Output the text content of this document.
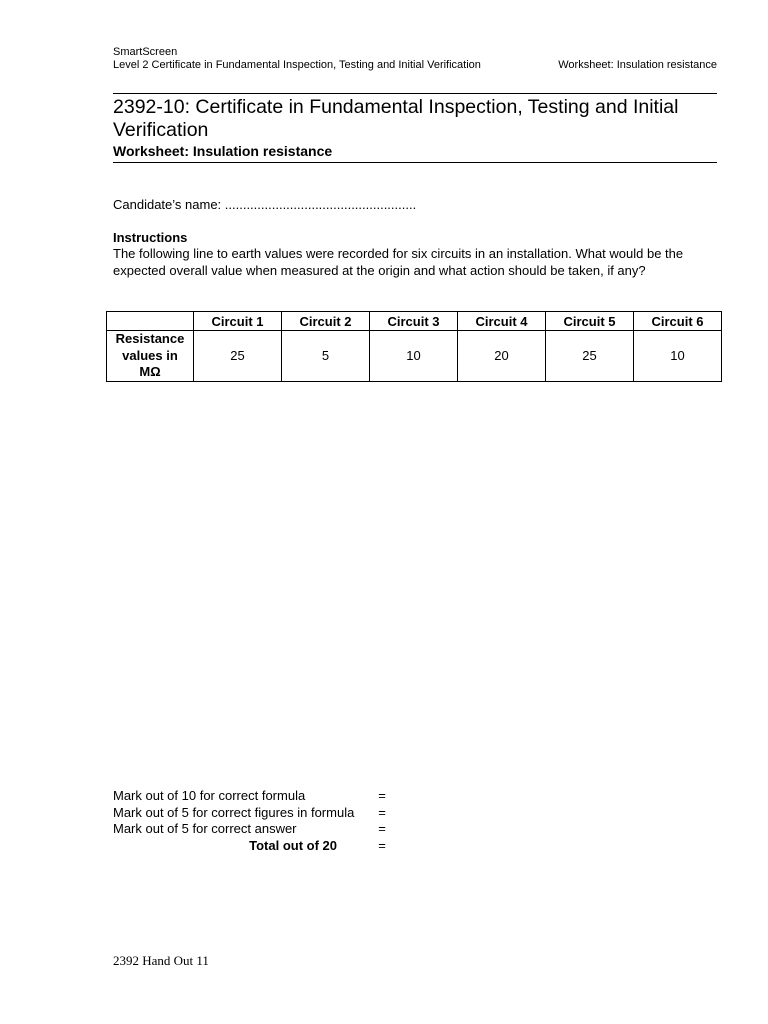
SmartScreen
Level 2 Certificate in Fundamental Inspection, Testing and Initial Verification	Worksheet: Insulation resistance
2392-10: Certificate in Fundamental Inspection, Testing and Initial Verification
Worksheet: Insulation resistance
Candidate’s name: .....................................................
Instructions
The following line to earth values were recorded for six circuits in an installation. What would be the expected overall value when measured at the origin and what action should be taken, if any?
	Circuit 1	Circuit 2	Circuit 3	Circuit 4	Circuit 5	Circuit 6

Resistance
values in
MΩ	25	5	10	20	25	10
Mark out of 10 for correct formula	=
Mark out of 5 for correct figures in formula	=
Mark out of 5 for correct answer	=
Total out of 20	=
2392 Hand Out 11
